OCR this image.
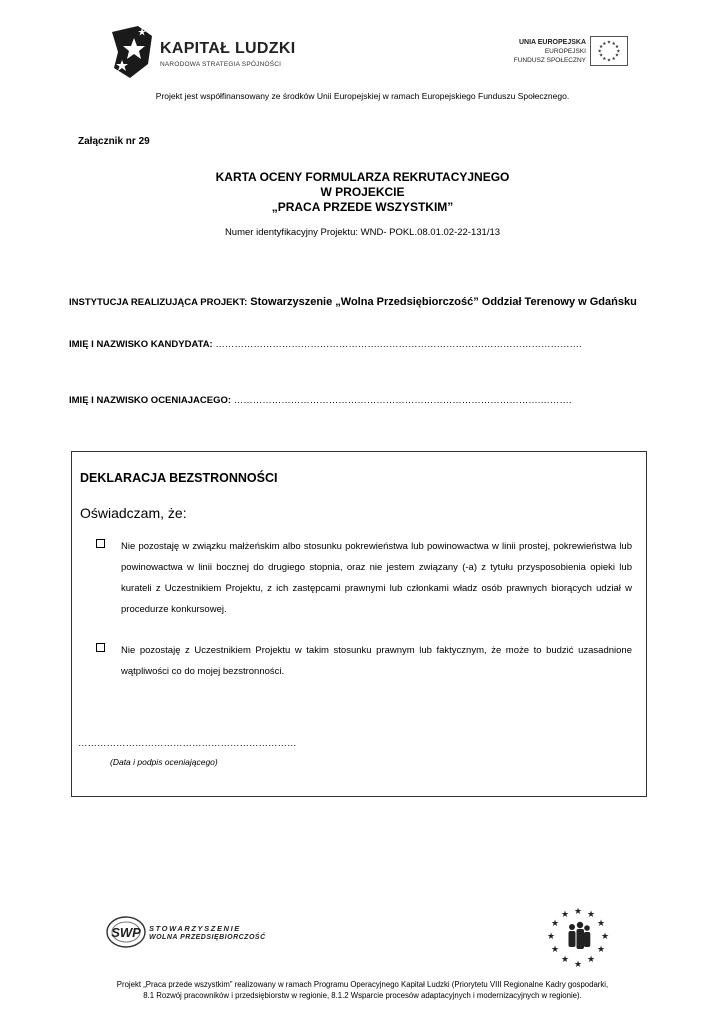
KAPITAŁ LUDZKI
NARODOWA STRATEGIA SPÓJNOŚCI
UNIA EUROPEJSKA
EUROPEJSKI
FUNDUSZ SPOŁECZNY
★ ★
★
★
★
★
★
★
★
★
★
★
Projekt jest współfinansowany ze środków Unii Europejskiej w ramach Europejskiego Funduszu Społecznego.
Załącznik nr 29
KARTA OCENY FORMULARZA REKRUTACYJNEGO
W PROJEKCIE
„PRACA PRZEDE WSZYSTKIM”
Numer identyfikacyjny Projektu: WND- POKL.08.01.02-22-131/13
INSTYTUCJA REALIZUJĄCA PROJEKT: Stowarzyszenie „Wolna Przedsiębiorczość” Oddział Terenowy w Gdańsku
IMIĘ I NAZWISKO KANDYDATA: …………………………………………….……………………………………………………….
IMIĘ I NAZWISKO OCENIAJACEGO: …………………………………………………………………………………….……….
DEKLARACJA BEZSTRONNOŚCI
Oświadczam, że:
Nie pozostaję w związku małżeńskim albo stosunku pokrewieństwa lub powinowactwa w linii prostej, pokrewieństwa lub powinowactwa w linii bocznej do drugiego stopnia, oraz nie jestem związany (-a) z tytułu przysposobienia opieki lub kurateli z Uczestnikiem Projektu, z ich zastępcami prawnymi lub członkami władz osób prawnych biorących udział w procedurze konkursowej.
Nie pozostaję z Uczestnikiem Projektu w takim stosunku prawnym lub faktycznym, że może to budzić uzasadnione wątpliwości co do mojej bezstronności.
……………………………………………………………
(Data i podpis oceniającego)
SWP STOWARZYSZENIE
WOLNA PRZEDSIĘBIORCZOŚĆ
★ ★
★
★
★
★
★
★
★
★
★
★
Projekt „Praca przede wszystkim” realizowany w ramach Programu Operacyjnego Kapitał Ludzki (Priorytetu VIII Regionalne Kadry gospodarki,
8.1 Rozwój pracowników i przedsiębiorstw w regionie, 8.1.2 Wsparcie procesów adaptacyjnych i modernizacyjnych w regionie).
